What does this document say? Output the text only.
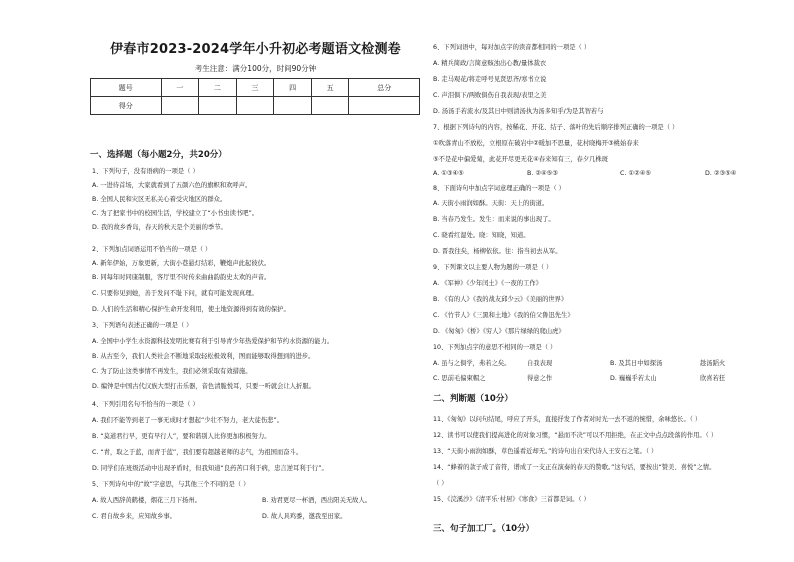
伊春市2023-2024学年小升初必考题语文检测卷
考生注意：满分100分，时间90分钟
题号	一	二	三	四	五	总分
得分						
一、选择题（每小题2分，共20分）
1、下列句子，没有语病的一项是（ ）
A. 一进待首场，大家就看到了五颜六色的旗帜和欢呼声。
B. 全国人民和灾区无私关心着受灾地区的群众。
C. 为了把家书中的校园生活，学校建立了“小书虫读书吧”。
D. 我的故乡香岛，春天的秋天是个美丽的季节。
2、下列加点词语运用不恰当的一项是（ ）
A. 新年伊始，万象更新，大街小巷悬灯结彩，鞭炮声此起彼伏。
B. 同每年时同康制服，客厅里不时传来曲曲韵韵史太欢的声音。
C. 只要你见到她，善于发问不耻下问，就有可能发现真理。
D. 人们的生活和精心保护生命开发利用，使土地资源得到有效的保护。
3、下列语句表述正确的一项是（ ）
A. 全国中小学生水资源科技发明比赛有利于引导青少年热爱保护和节约水资源的能力。
B. 从古至今，我们人类社会不断地采取轻松极效利，图而能够取得想到的进步。
C. 为了防止这类事情不再发生，我们必须采取有效措施。
D. 编钟是中国古代汉族大型打击乐器，音色清脆悦耳，只要一听就会让人折服。
4、下列引用名句不恰当的一项是（ ）
A. 我们不能等到老了一事无成时才想起“少壮不努力，老大徒伤悲”。
B. “莫道君行早，更有早行人”，要和谐别人比你更加积极努力。
C. “青，取之于蓝，而青于蓝”，我们要有超越老师的志气，为祖国而奋斗。
D. 同学们在班级活动中出现矛盾时，但我知道“良药苦口利于病，忠言逆耳利于行”。
5、下列诗句中的“故”字意思，与其他三个不同的是（ ）
A. 故人西辞黄鹤楼，烟花三月下扬州。	B. 劝君更尽一杯酒，西出阳关无故人。
C. 君自故乡来，应知故乡事。	D. 故人具鸡黍，邀我至田家。
6、下列词语中，每对加点字的读音都相同的一项是（ ）
A. 精兵简政/言简意赅浊出心教/量体裁衣
B. 走马观花/将走呼号见贤思齐/寒书立说
C. 声泪俱下/两败俱伤自我表现/表里之美
D. 汤汤手若流水/及其日中则清汤执为汤多知乎/为是其智若与
7、根据下列诗句的内容，按稀花、开花、结子、落叶的先后顺序排列正确的一项是（ ）
①吹落青山不放松，立根原在破岩中②暖加不思量，花村晓梅开③桃始春来
⑤不是花中偏爱菊，此花开尽更无花④春来知有三，春夕几株斑
A. ①③④⑤	B. ②④⑤③	C. ①②④⑤	D. ②③⑤④
8、下面诗句中加点字词意理正确的一项是（ ）
A. 天街小雨润如酥。天街：天上的街道。
B. 当春乃发生。发生：而来说的事出现了。
C. 晓看红湿处。晓：知晓，知道。
D. 晋我往矣，杨柳依依。往：指当初去从军。
9、下列课文以主要人物为题的一项是（ ）
A. 《军神》《少年闰土》《一夜的工作》
B. 《有的人》《我的战友邱少云》《美丽的世界》
C. 《竹节人》《三黑和土地》《我的伯父鲁迅先生》
D. 《匆匆》《桥》《穷人》《那片绿绿的爬山虎》
10、下列加点字的意思不相同的一项是（ ）
A. 虽与之俱学，弗若之矣。	自我表现	B. 及其日中如探汤	趁汤蹈火
C. 思前毛偏柬帽之	得意之作	D. 巍巍乎若太山	欣喜若狂
二、判断题（10分）
11、《匆匆》以问句结尾，呼应了开头，直接抒发了作者对时光一去不返的惋惜，余味悠长。（ ）
12、读书可以使我们提高进化的对象习惯，“悬而不决”可以不用拒绝，在正文中点点段落的作用。（ ）
13、“天街小雨润如酥，草色遥看近却无。”的诗句出自宋代诗人王安石之笔。（ ）
14、“蜂着的款子成了音符，谱成了一支正在演奏的春天的赞歌。”这句话，要按出“赞美、喜悦”之情。
（ ）
15、《浣溪沙》《清平乐·村居》《寒食》三首都是词。（ ）
三、句子加工厂。（10分）
